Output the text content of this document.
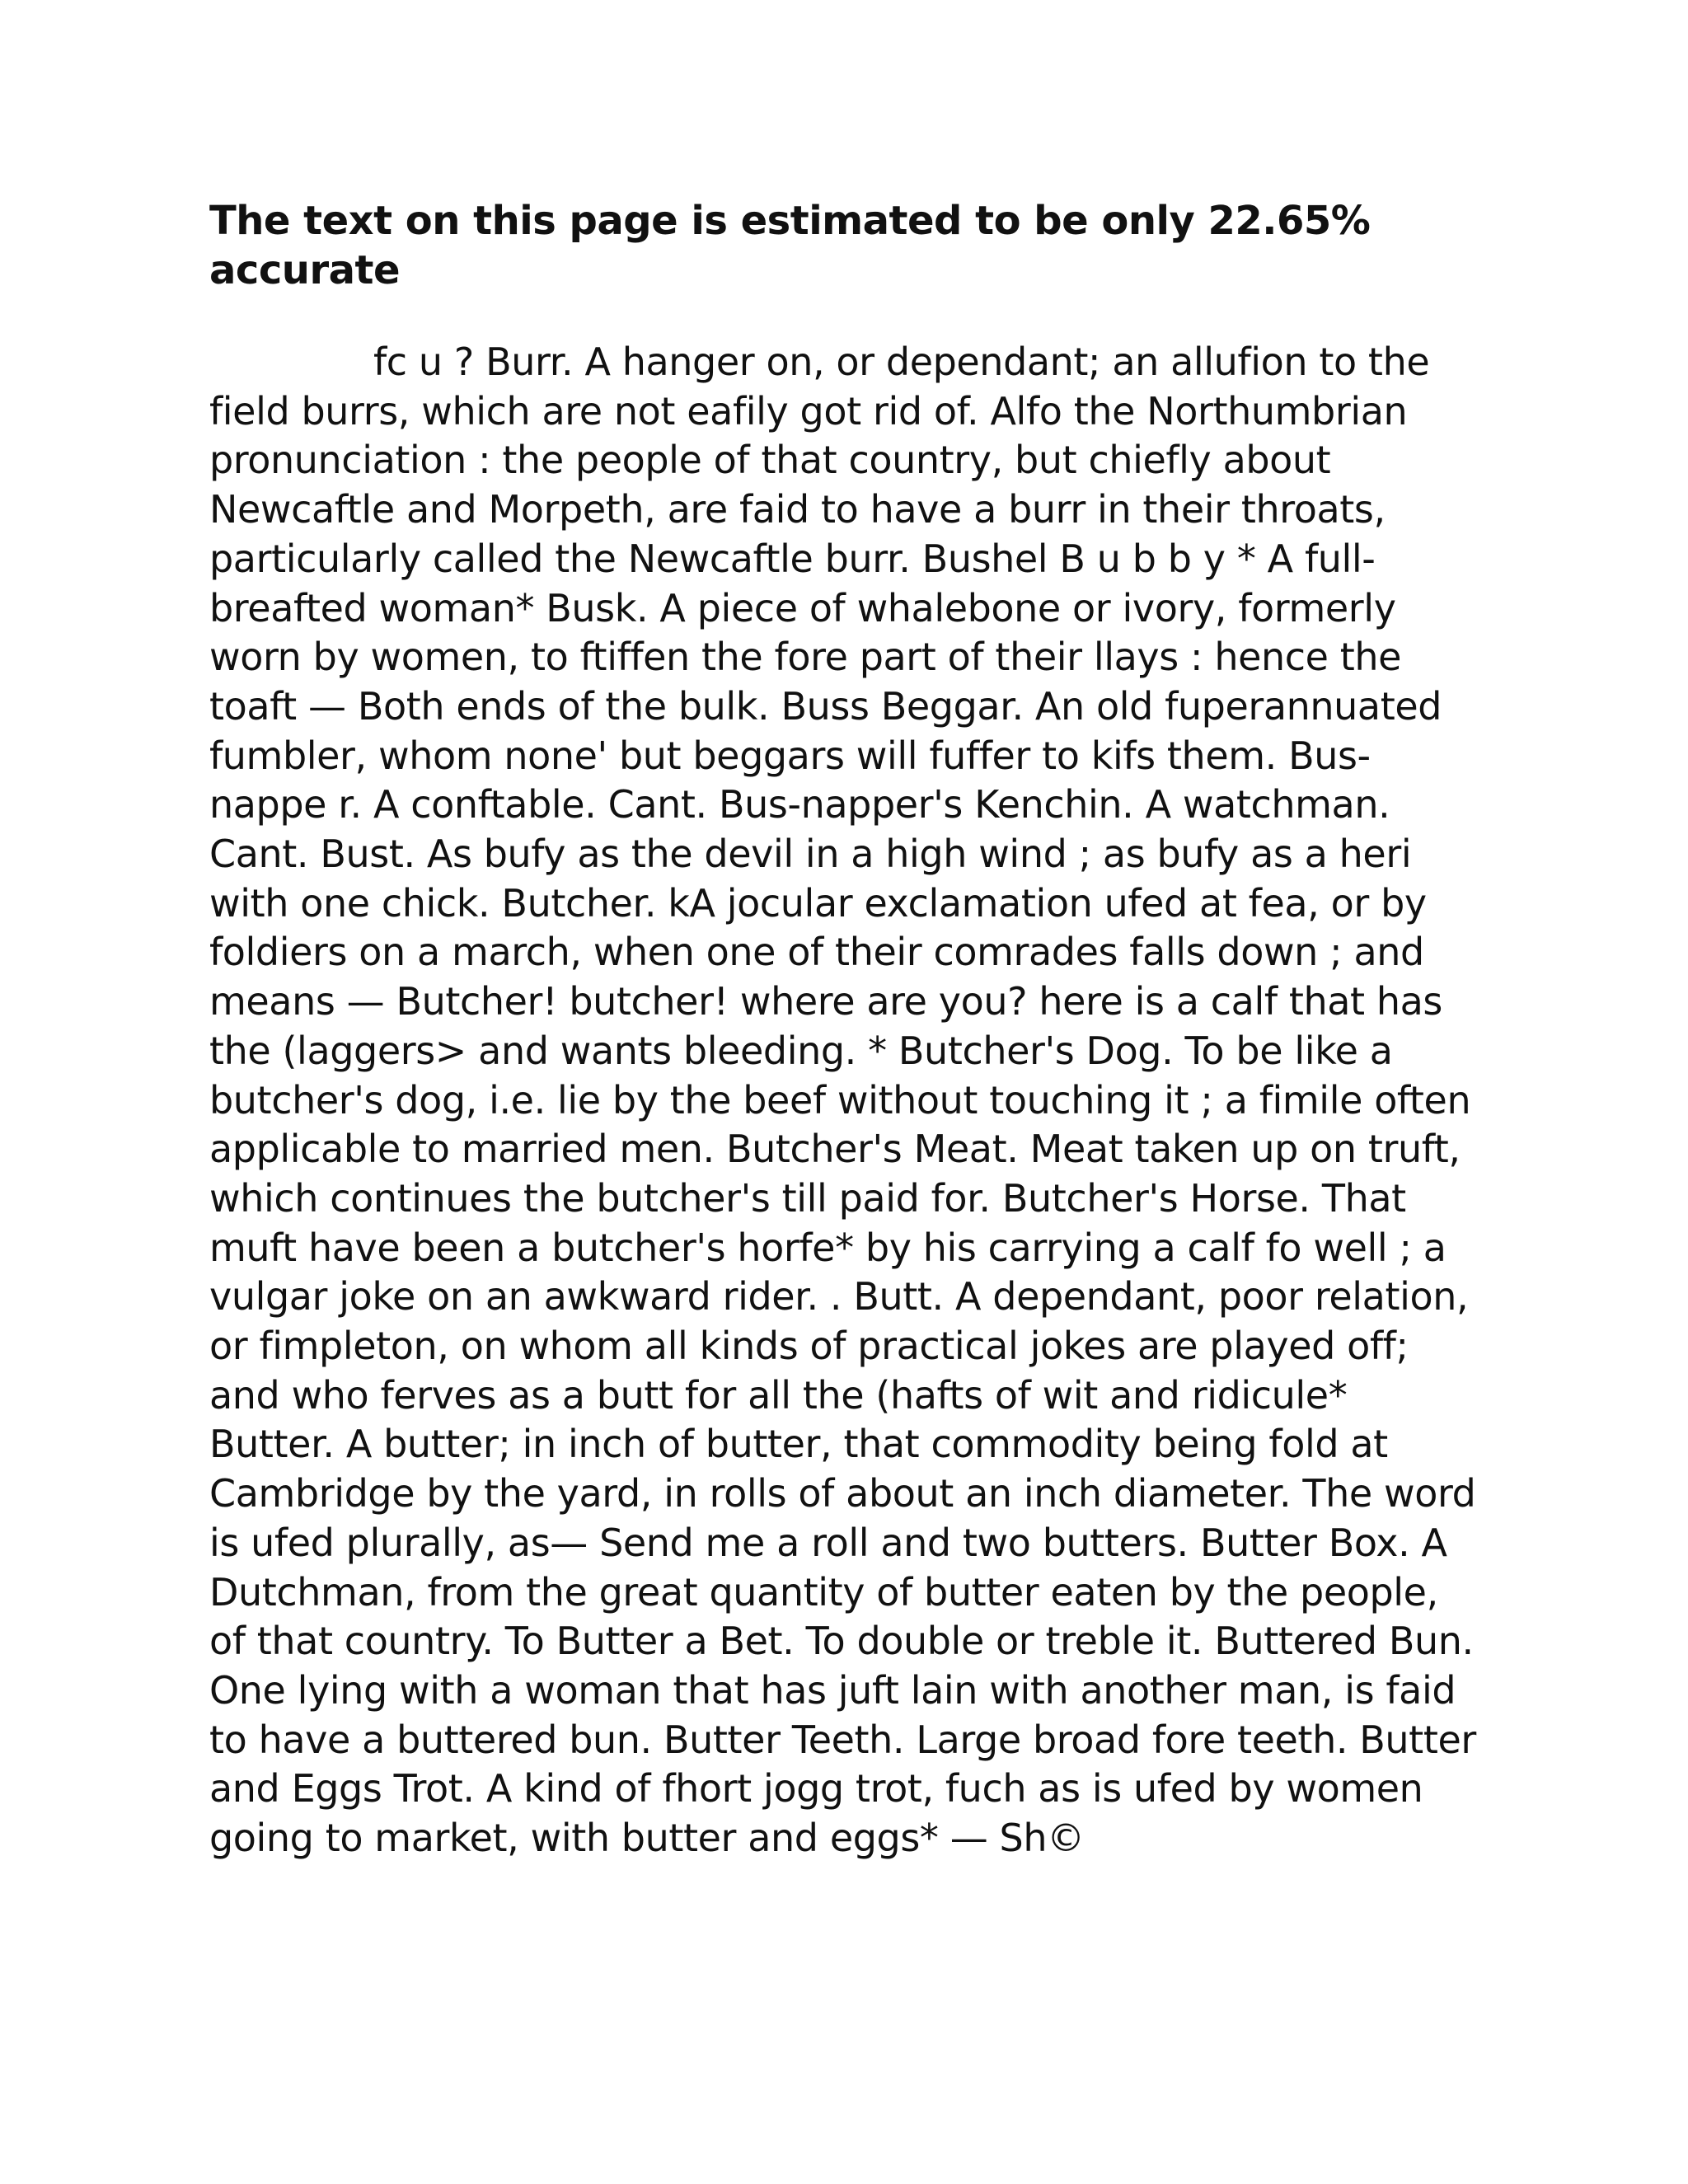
The text on this page is estimated to be only 22.65% accurate

fc u ? Burr. A hanger on, or dependant; an allufion to the field burrs, which are not eafily got rid of. Alfo the Northumbrian pronunciation : the people of that country, but chiefly about Newcaftle and Morpeth, are faid to have a burr in their throats, particularly called the Newcaftle burr. Bushel B u b b y * A full-breafted woman* Busk. A piece of whalebone or ivory, formerly worn by women, to ftiffen the fore part of their llays : hence the toaft — Both ends of the bulk. Buss Beggar. An old fuperannuated fumbler, whom none' but beggars will fuffer to kifs them. Bus- nappe r. A conftable. Cant. Bus-napper's Kenchin. A watchman. Cant. Bust. As bufy as the devil in a high wind ; as bufy as a heri with one chick. Butcher. kA jocular exclamation ufed at fea, or by foldiers on a march, when one of their comrades falls down ; and means — Butcher! butcher! where are you? here is a calf that has the (laggers> and wants bleeding. * Butcher's Dog. To be like a butcher's dog, i.e. lie by the beef without touching it ; a fimile often applicable to married men. Butcher's Meat. Meat taken up on truft, which continues the butcher's till paid for. Butcher's Horse. That muft have been a butcher's horfe* by his carrying a calf fo well ; a vulgar joke on an awkward rider. . Butt. A dependant, poor relation, or fimpleton, on whom all kinds of practical jokes are played off; and who ferves as a butt for all the (hafts of wit and ridicule* Butter. A butter; in inch of butter, that commodity being fold at Cambridge by the yard, in rolls of about an inch diameter. The word is ufed plurally, as— Send me a roll and two butters. Butter Box. A Dutchman, from the great quantity of butter eaten by the people, of that country. To Butter a Bet. To double or treble it. Buttered Bun. One lying with a woman that has juft lain with another man, is faid to have a buttered bun. Butter Teeth. Large broad fore teeth. Butter and Eggs Trot. A kind of fhort jogg trot, fuch as is ufed by women going to market, with butter and eggs* — Sh©
